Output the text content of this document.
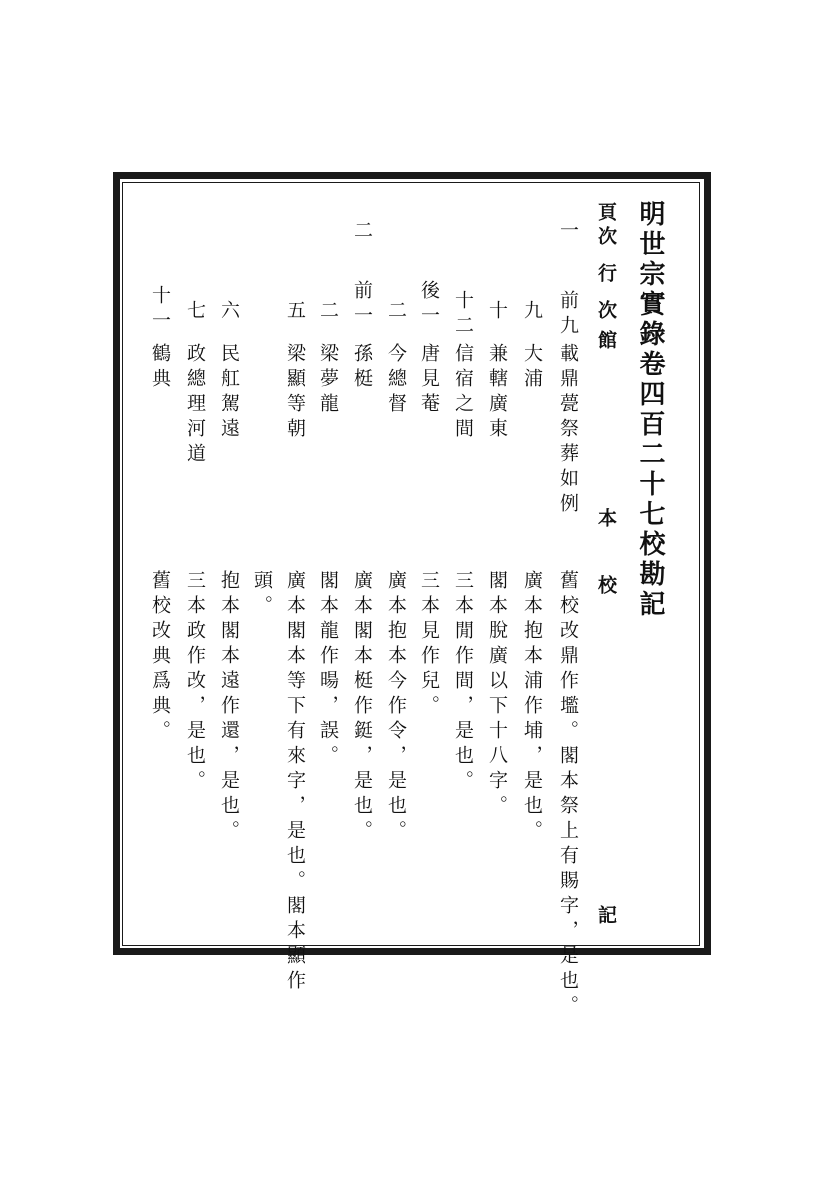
明世宗實錄卷四百二十七校勘記
頁
次
行
次
館
本
校
記
一
前九
載鼎甍祭葬如例
舊校改鼎作壏。閣本祭上有賜字，是也。
九
大浦
廣本抱本浦作埔，是也。
十
兼轄廣東
閣本脫廣以下十八字。
十二
信宿之間
三本閒作間，是也。
後一
唐見菴
三本見作兒。
二
今總督
廣本抱本今作令，是也。
二
前一
孫梃
廣本閣本梃作鋌，是也。
二
梁夢龍
閣本龍作暘，誤。
五
梁顯等朝
廣本閣本等下有來字，是也。閣本顯作
頭。
六
民舡駕遠
抱本閣本遠作還，是也。
七
政總理河道
三本政作改，是也。
十一
鶴典
舊校改典爲典。
